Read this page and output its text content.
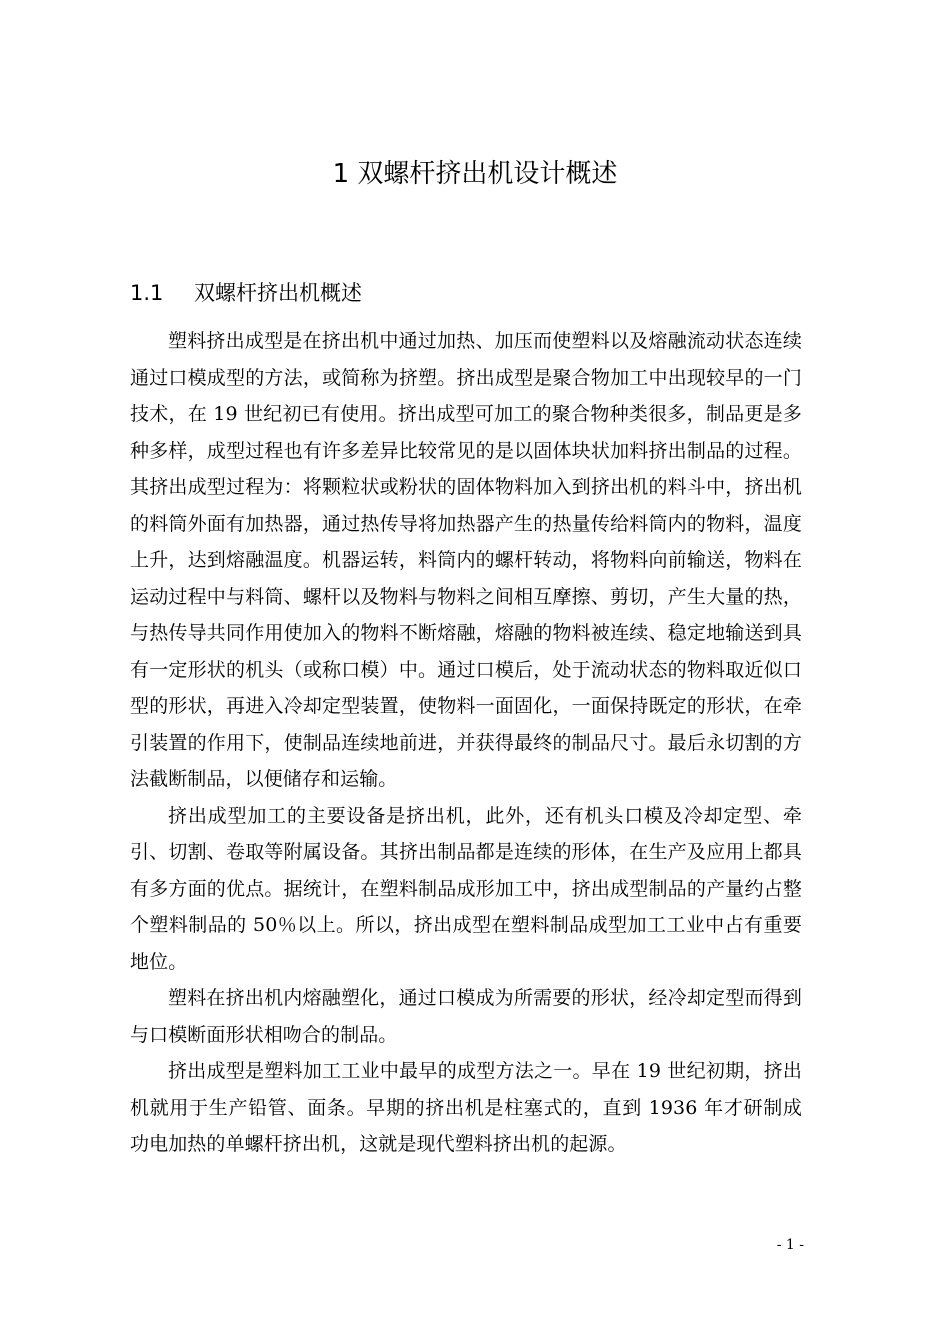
1 双螺杆挤出机设计概述
1.1 双螺杆挤出机概述

塑料挤出成型是在挤出机中通过加热、加压而使塑料以及熔融流动状态连续通过口模成型的方法，或简称为挤塑。挤出成型是聚合物加工中出现较早的一门技术，在 19 世纪初已有使用。挤出成型可加工的聚合物种类很多，制品更是多种多样，成型过程也有许多差异比较常见的是以固体块状加料挤出制品的过程。其挤出成型过程为：将颗粒状或粉状的固体物料加入到挤出机的料斗中，挤出机的料筒外面有加热器，通过热传导将加热器产生的热量传给料筒内的物料，温度上升，达到熔融温度。机器运转，料筒内的螺杆转动，将物料向前输送，物料在运动过程中与料筒、螺杆以及物料与物料之间相互摩擦、剪切，产生大量的热，与热传导共同作用使加入的物料不断熔融，熔融的物料被连续、稳定地输送到具有一定形状的机头（或称口模）中。通过口模后，处于流动状态的物料取近似口型的形状，再进入冷却定型装置，使物料一面固化，一面保持既定的形状，在牵引装置的作用下，使制品连续地前进，并获得最终的制品尺寸。最后永切割的方法截断制品，以便储存和运输。

挤出成型加工的主要设备是挤出机，此外，还有机头口模及冷却定型、牵引、切割、卷取等附属设备。其挤出制品都是连续的形体，在生产及应用上都具有多方面的优点。据统计，在塑料制品成形加工中，挤出成型制品的产量约占整个塑料制品的 50％以上。所以，挤出成型在塑料制品成型加工工业中占有重要地位。

塑料在挤出机内熔融塑化，通过口模成为所需要的形状，经冷却定型而得到与口模断面形状相吻合的制品。

挤出成型是塑料加工工业中最早的成型方法之一。早在 19 世纪初期，挤出机就用于生产铅管、面条。早期的挤出机是柱塞式的，直到 1936 年才研制成功电加热的单螺杆挤出机，这就是现代塑料挤出机的起源。

- 1 -
